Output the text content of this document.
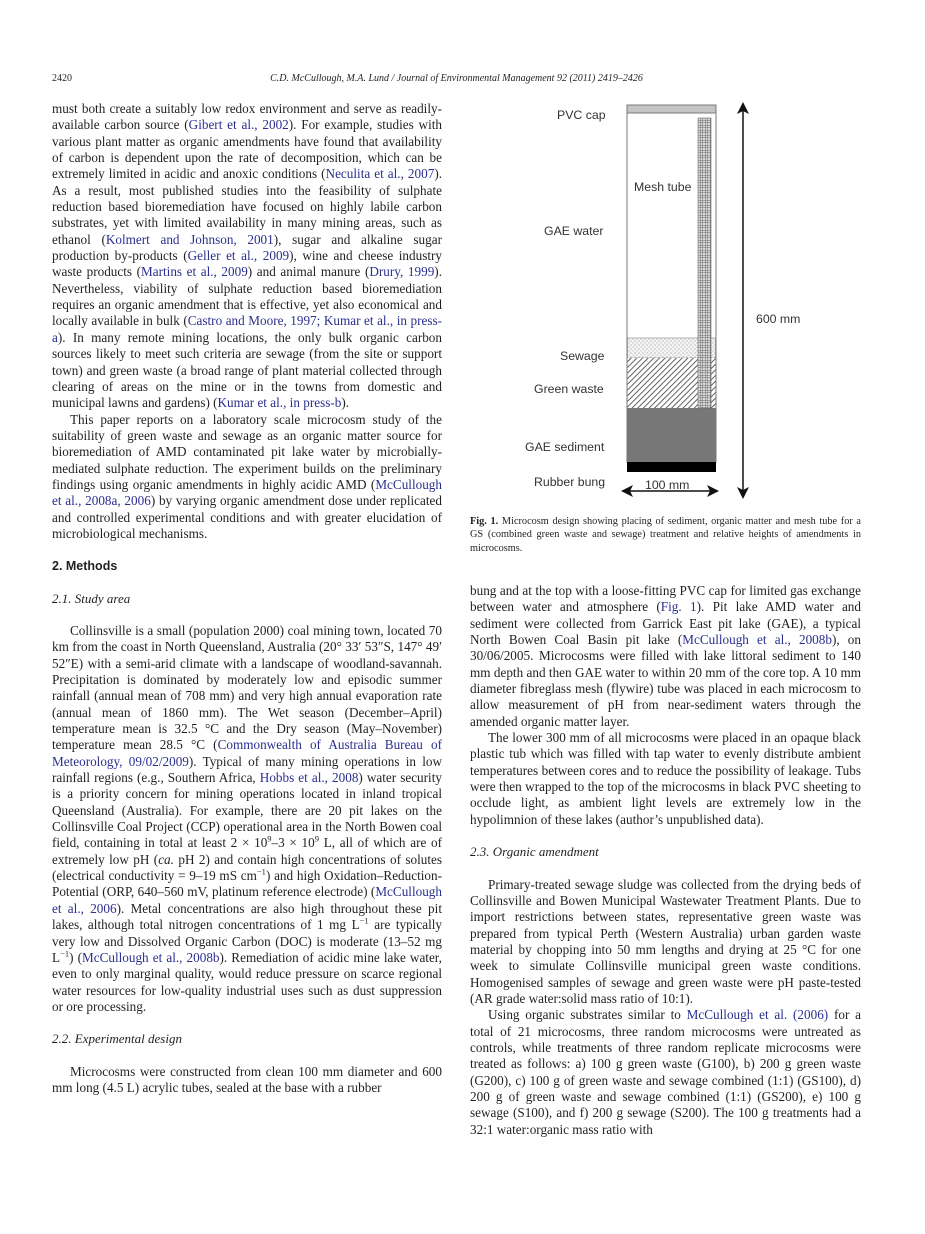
2420	C.D. McCullough, M.A. Lund / Journal of Environmental Management 92 (2011) 2419–2426

must both create a suitably low redox environment and serve as readily-available carbon source (Gibert et al., 2002). For example, studies with various plant matter as organic amendments have found that availability of carbon is dependent upon the rate of decomposition, which can be extremely limited in acidic and anoxic conditions (Neculita et al., 2007). As a result, most published studies into the feasibility of sulphate reduction based bioremediation have focused on highly labile carbon substrates, yet with limited availability in many mining areas, such as ethanol (Kolmert and Johnson, 2001), sugar and alkaline sugar production by-products (Geller et al., 2009), wine and cheese industry waste products (Martins et al., 2009) and animal manure (Drury, 1999). Nevertheless, viability of sulphate reduction based bioremediation requires an organic amendment that is effective, yet also economical and locally available in bulk (Castro and Moore, 1997; Kumar et al., in press-a). In many remote mining locations, the only bulk organic carbon sources likely to meet such criteria are sewage (from the site or support town) and green waste (a broad range of plant material collected through clearing of areas on the mine or in the towns from domestic and municipal lawns and gardens) (Kumar et al., in press-b).

This paper reports on a laboratory scale microcosm study of the suitability of green waste and sewage as an organic matter source for bioremediation of AMD contaminated pit lake water by microbially-mediated sulphate reduction. The experiment builds on the preliminary findings using organic amendments in highly acidic AMD (McCullough et al., 2008a, 2006) by varying organic amendment dose under replicated and controlled experimental conditions and with greater elucidation of microbiological mechanisms.

2. Methods

2.1. Study area

Collinsville is a small (population 2000) coal mining town, located 70 km from the coast in North Queensland, Australia (20° 33′ 53″S, 147° 49′ 52″E) with a semi-arid climate with a landscape of woodland-savannah. Precipitation is dominated by moderately low and episodic summer rainfall (annual mean of 708 mm) and very high annual evaporation rate (annual mean of 1860 mm). The Wet season (December–April) temperature mean is 32.5 °C and the Dry season (May–November) temperature mean 28.5 °C (Commonwealth of Australia Bureau of Meteorology, 09/02/2009). Typical of many mining operations in low rainfall regions (e.g., Southern Africa, Hobbs et al., 2008) water security is a priority concern for mining operations located in inland tropical Queensland (Australia). For example, there are 20 pit lakes on the Collinsville Coal Project (CCP) operational area in the North Bowen coal field, containing in total at least $2 \times 10^9-3 \times 10^9$ L, all of which are of extremely low pH (ca. pH 2) and contain high concentrations of solutes (electrical conductivity = 9–19 mS $cm^{-1}$) and high Oxidation–Reduction-Potential (ORP, 640–560 mV, platinum reference electrode) (McCullough et al., 2006). Metal concentrations are also high throughout these pit lakes, although total nitrogen concentrations of 1 mg $L^{-1}$ are typically very low and Dissolved Organic Carbon (DOC) is moderate (13–52 mg $L^{-1}$) (McCullough et al., 2008b). Remediation of acidic mine lake water, even to only marginal quality, would reduce pressure on scarce regional water resources for low-quality industrial uses such as dust suppression or ore processing.

2.2. Experimental design

Microcosms were constructed from clean 100 mm diameter and 600 mm long (4.5 L) acrylic tubes, sealed at the base with a rubber

PVC cap
Mesh tube
GAE water
Sewage
Green waste
GAE sediment
Rubber bung
600 mm
100 mm
Fig. 1. Microcosm design showing placing of sediment, organic matter and mesh tube for a GS (combined green waste and sewage) treatment and relative heights of amendments in microcosms.

bung and at the top with a loose-fitting PVC cap for limited gas exchange between water and atmosphere (Fig. 1). Pit lake AMD water and sediment were collected from Garrick East pit lake (GAE), a typical North Bowen Coal Basin pit lake (McCullough et al., 2008b), on 30/06/2005. Microcosms were filled with lake littoral sediment to 140 mm depth and then GAE water to within 20 mm of the core top. A 10 mm diameter fibreglass mesh (flywire) tube was placed in each microcosm to allow measurement of pH from near-sediment waters through the amended organic matter layer.

The lower 300 mm of all microcosms were placed in an opaque black plastic tub which was filled with tap water to evenly distribute ambient temperatures between cores and to reduce the possibility of leakage. Tubs were then wrapped to the top of the microcosms in black PVC sheeting to occlude light, as ambient light levels are extremely low in the hypolimnion of these lakes (author’s unpublished data).

2.3. Organic amendment

Primary-treated sewage sludge was collected from the drying beds of Collinsville and Bowen Municipal Wastewater Treatment Plants. Due to import restrictions between states, representative green waste was prepared from typical Perth (Western Australia) urban garden waste material by chopping into 50 mm lengths and drying at 25 °C for one week to simulate Collinsville municipal green waste conditions. Homogenised samples of sewage and green waste were pH paste-tested (AR grade water:solid mass ratio of 10:1).

Using organic substrates similar to McCullough et al. (2006) for a total of 21 microcosms, three random microcosms were untreated as controls, while treatments of three random replicate microcosms were treated as follows: a) 100 g green waste (G100), b) 200 g green waste (G200), c) 100 g of green waste and sewage combined (1:1) (GS100), d) 200 g of green waste and sewage combined (1:1) (GS200), e) 100 g sewage (S100), and f) 200 g sewage (S200). The 100 g treatments had a 32:1 water:organic mass ratio with
